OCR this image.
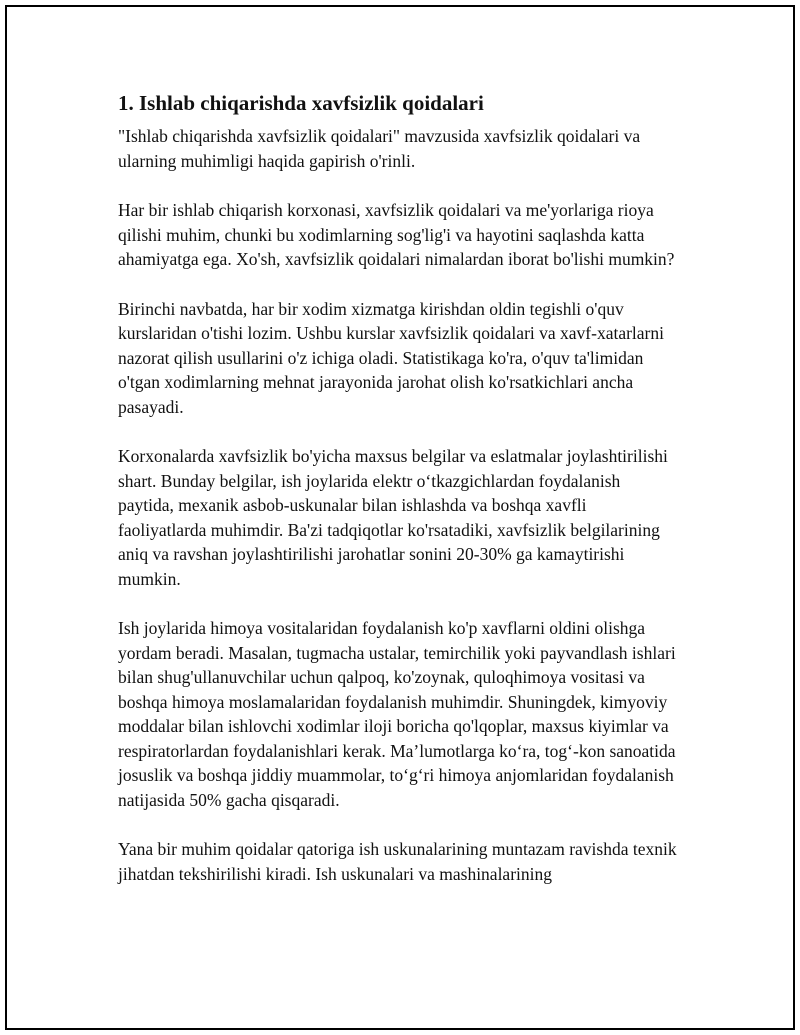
1. Ishlab chiqarishda xavfsizlik qoidalari

"Ishlab chiqarishda xavfsizlik qoidalari" mavzusida xavfsizlik qoidalari va ularning muhimligi haqida gapirish o'rinli.

Har bir ishlab chiqarish korxonasi, xavfsizlik qoidalari va me'yorlariga rioya qilishi muhim, chunki bu xodimlarning sog'lig'i va hayotini saqlashda katta ahamiyatga ega. Xo'sh, xavfsizlik qoidalari nimalardan iborat bo'lishi mumkin?

Birinchi navbatda, har bir xodim xizmatga kirishdan oldin tegishli o'quv kurslaridan o'tishi lozim. Ushbu kurslar xavfsizlik qoidalari va xavf-xatarlarni nazorat qilish usullarini o'z ichiga oladi. Statistikaga ko'ra, o'quv ta'limidan o'tgan xodimlarning mehnat jarayonida jarohat olish ko'rsatkichlari ancha pasayadi.

Korxonalarda xavfsizlik bo'yicha maxsus belgilar va eslatmalar joylashtirilishi shart. Bunday belgilar, ish joylarida elektr o‘tkazgichlardan foydalanish paytida, mexanik asbob-uskunalar bilan ishlashda va boshqa xavfli faoliyatlarda muhimdir. Ba'zi tadqiqotlar ko'rsatadiki, xavfsizlik belgilarining aniq va ravshan joylashtirilishi jarohatlar sonini 20-30% ga kamaytirishi mumkin.

Ish joylarida himoya vositalaridan foydalanish ko'p xavflarni oldini olishga yordam beradi. Masalan, tugmacha ustalar, temirchilik yoki payvandlash ishlari bilan shug'ullanuvchilar uchun qalpoq, ko'zoynak, quloqhimoya vositasi va boshqa himoya moslamalaridan foydalanish muhimdir. Shuningdek, kimyoviy moddalar bilan ishlovchi xodimlar iloji boricha qo'lqoplar, maxsus kiyimlar va respiratorlardan foydalanishlari kerak. Ma’lumotlarga ko‘ra, tog‘-kon sanoatida josuslik va boshqa jiddiy muammolar, to‘g‘ri himoya anjomlaridan foydalanish natijasida 50% gacha qisqaradi.

Yana bir muhim qoidalar qatoriga ish uskunalarining muntazam ravishda texnik jihatdan tekshirilishi kiradi. Ish uskunalari va mashinalarining
